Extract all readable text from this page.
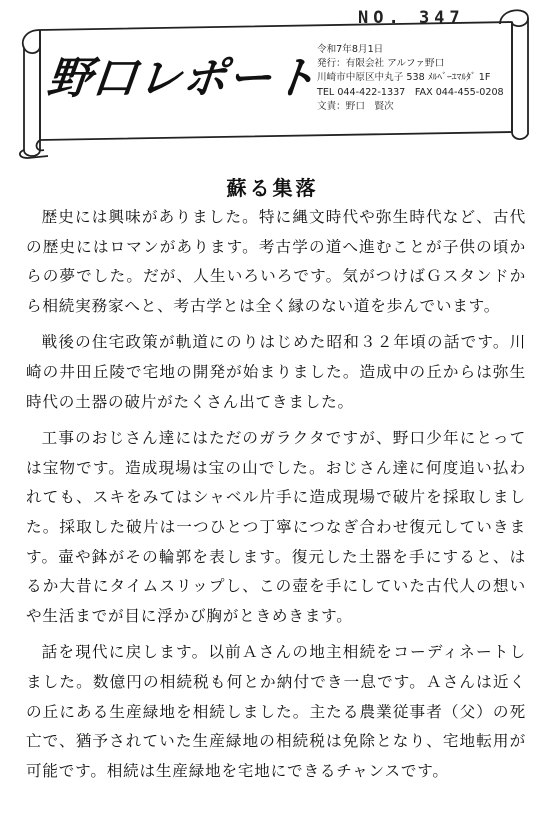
NO. 347
野口レポート
令和7年8月1日
発行：有限会社 アルファ野口
川崎市中原区中丸子 538 ﾒﾙﾍﾞｰﾕﾏﾙﾀﾞ 1F
TEL 044-422-1337　FAX 044-455-0208
文責：野口　賢次
蘇る集落

歴史には興味がありました。特に縄文時代や弥生時代など、古代の歴史にはロマンがあります。考古学の道へ進むことが子供の頃からの夢でした。だが、人生いろいろです。気がつけばＧスタンドから相続実務家へと、考古学とは全く縁のない道を歩んでいます。

戦後の住宅政策が軌道にのりはじめた昭和３２年頃の話です。川崎の井田丘陵で宅地の開発が始まりました。造成中の丘からは弥生時代の土器の破片がたくさん出てきました。

工事のおじさん達にはただのガラクタですが、野口少年にとっては宝物です。造成現場は宝の山でした。おじさん達に何度追い払われても、スキをみてはシャベル片手に造成現場で破片を採取しました。採取した破片は一つひとつ丁寧につなぎ合わせ復元していきます。壷や鉢がその輪郭を表します。復元した土器を手にすると、はるか大昔にタイムスリップし、この壺を手にしていた古代人の想いや生活までが目に浮かび胸がときめきます。

話を現代に戻します。以前Ａさんの地主相続をコーディネートしました。数億円の相続税も何とか納付でき一息です。Ａさんは近くの丘にある生産緑地を相続しました。主たる農業従事者（父）の死亡で、猶予されていた生産緑地の相続税は免除となり、宅地転用が可能です。相続は生産緑地を宅地にできるチャンスです。
